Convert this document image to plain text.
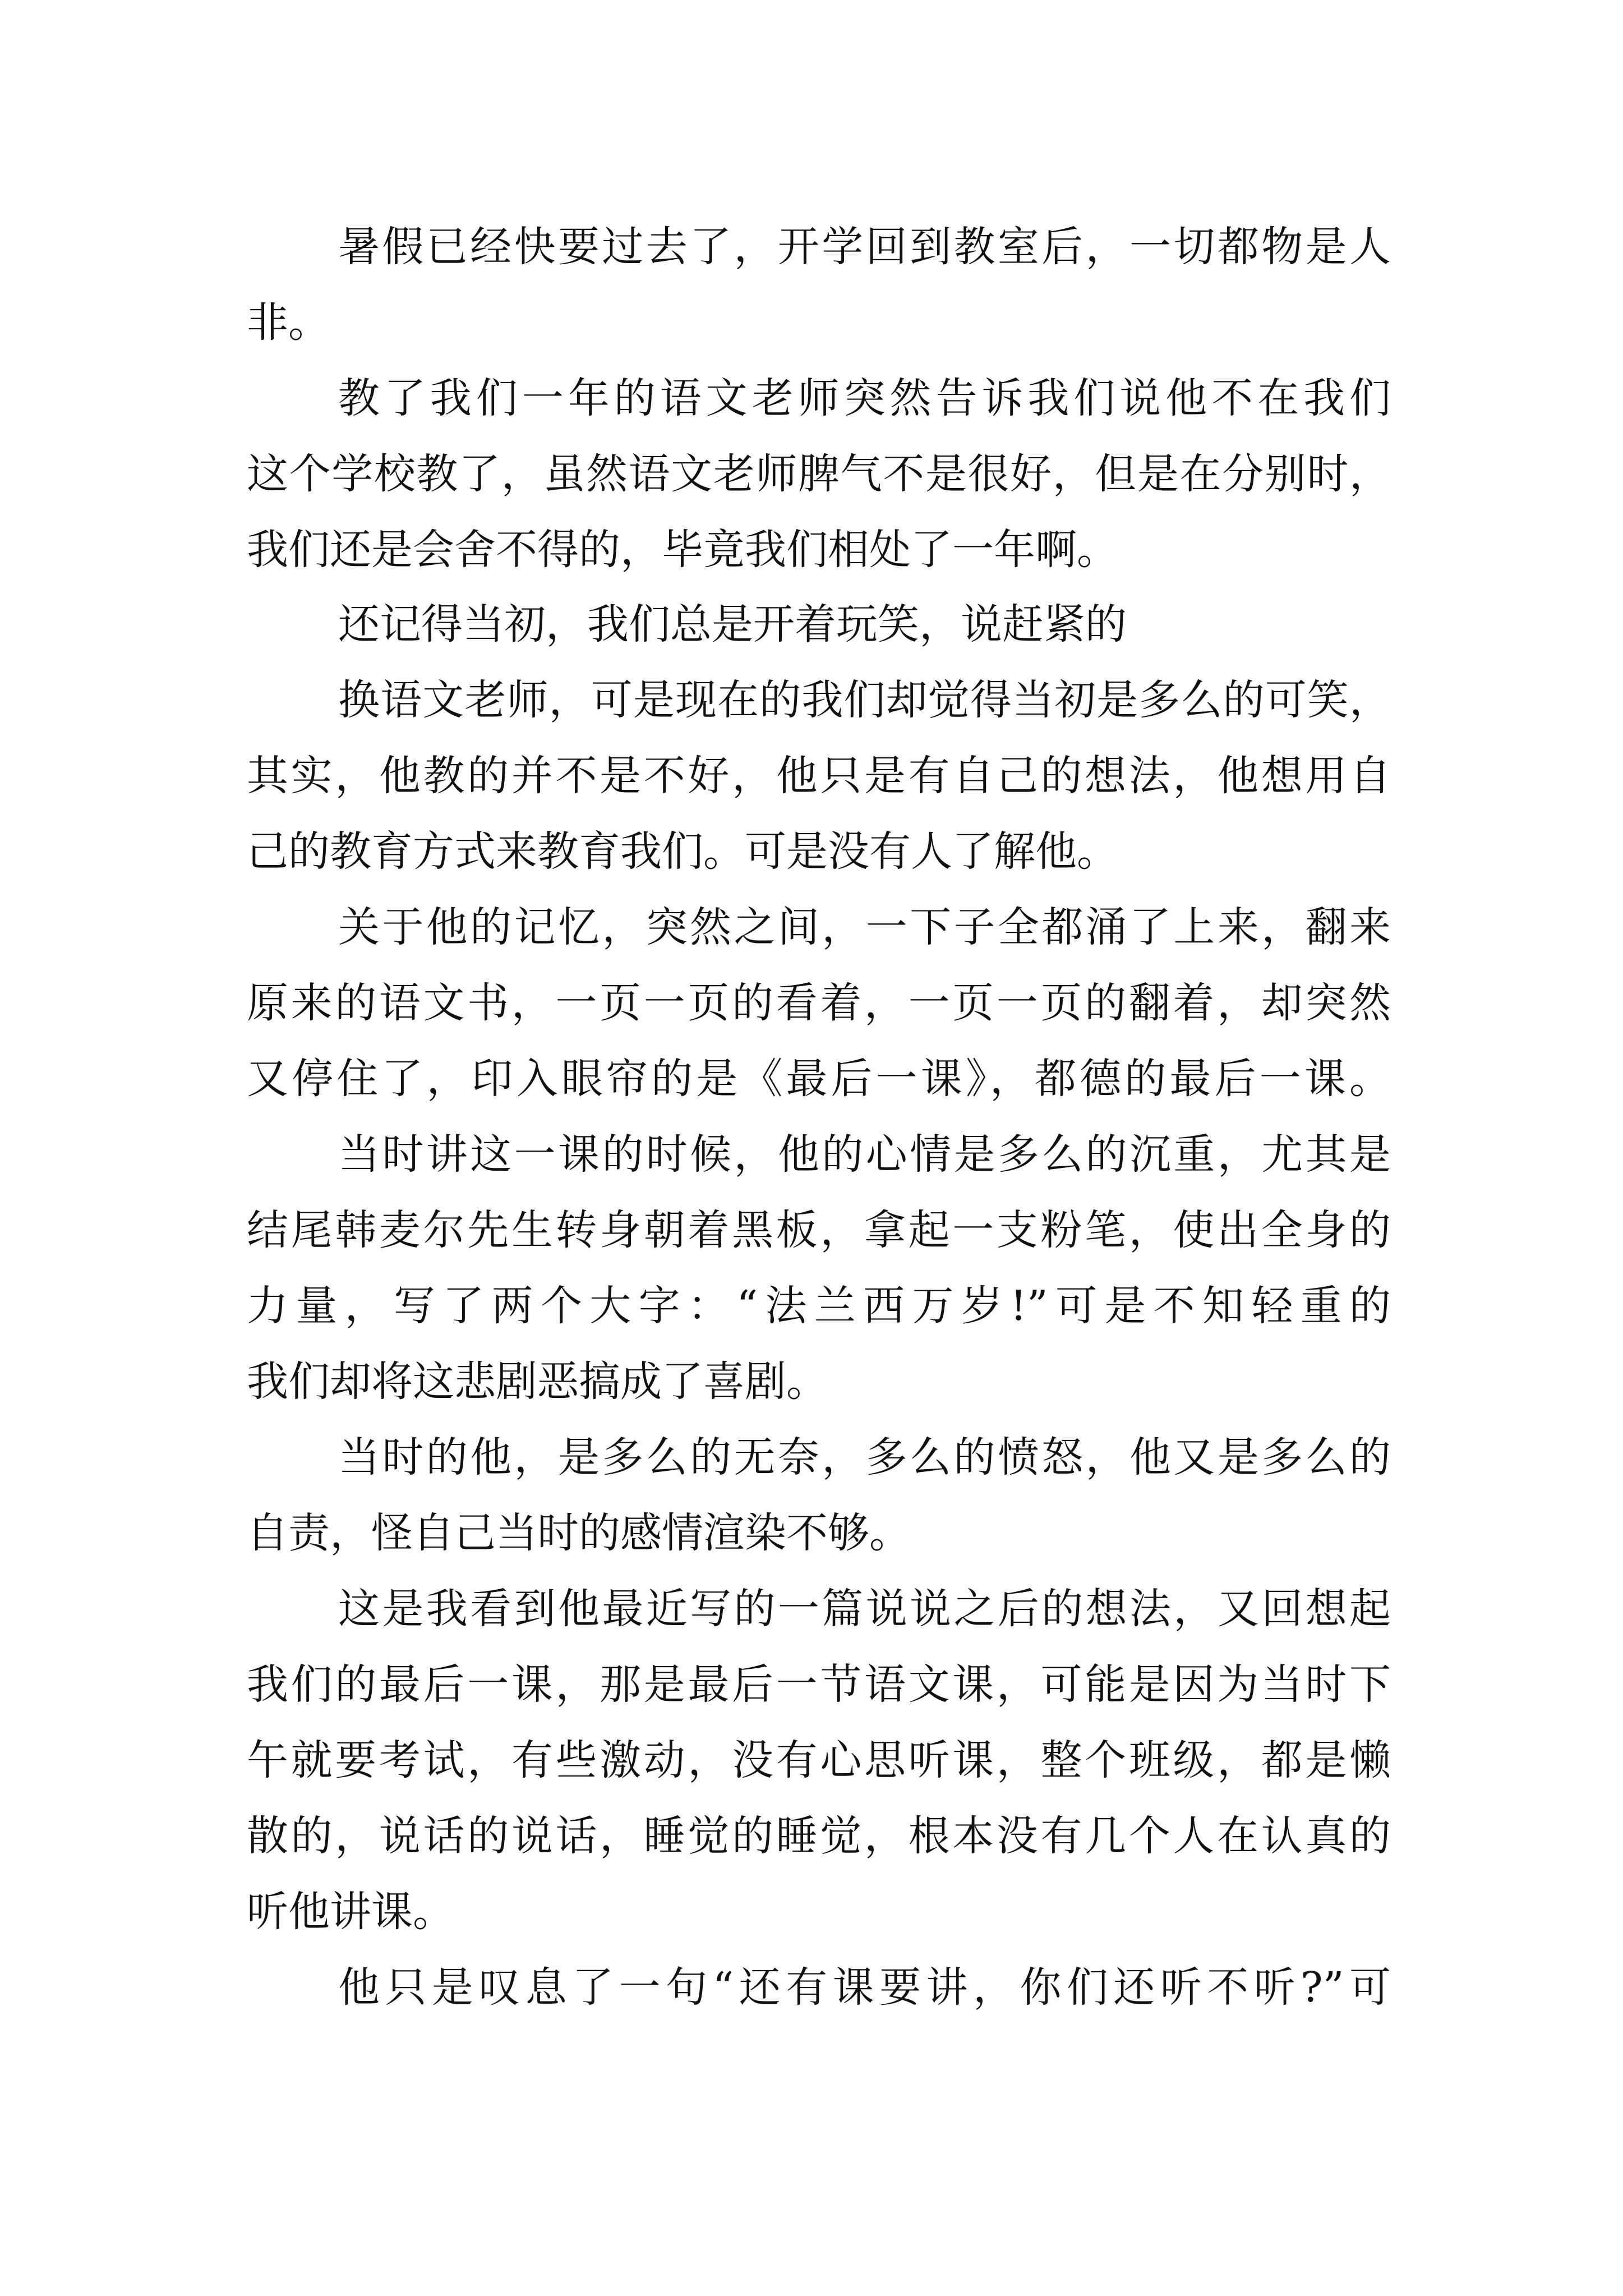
暑假已经快要过去了，开学回到教室后，一切都物是人
非。
教了我们一年的语文老师突然告诉我们说他不在我们
这个学校教了，虽然语文老师脾气不是很好，但是在分别时，
我们还是会舍不得的，毕竟我们相处了一年啊。
还记得当初，我们总是开着玩笑，说赶紧的
换语文老师，可是现在的我们却觉得当初是多么的可笑，
其实，他教的并不是不好，他只是有自己的想法，他想用自
己的教育方式来教育我们。可是没有人了解他。
关于他的记忆，突然之间，一下子全都涌了上来，翻来
原来的语文书，一页一页的看着，一页一页的翻着，却突然
又停住了，印入眼帘的是《最后一课》，都德的最后一课。
当时讲这一课的时候，他的心情是多么的沉重，尤其是
结尾韩麦尔先生转身朝着黑板，拿起一支粉笔，使出全身的
力量，写了两个大字：“法兰西万岁!”可是不知轻重的
我们却将这悲剧恶搞成了喜剧。
当时的他，是多么的无奈，多么的愤怒，他又是多么的
自责，怪自己当时的感情渲染不够。
这是我看到他最近写的一篇说说之后的想法，又回想起
我们的最后一课，那是最后一节语文课，可能是因为当时下
午就要考试，有些激动，没有心思听课，整个班级，都是懒
散的，说话的说话，睡觉的睡觉，根本没有几个人在认真的
听他讲课。
他只是叹息了一句“还有课要讲，你们还听不听?”可
